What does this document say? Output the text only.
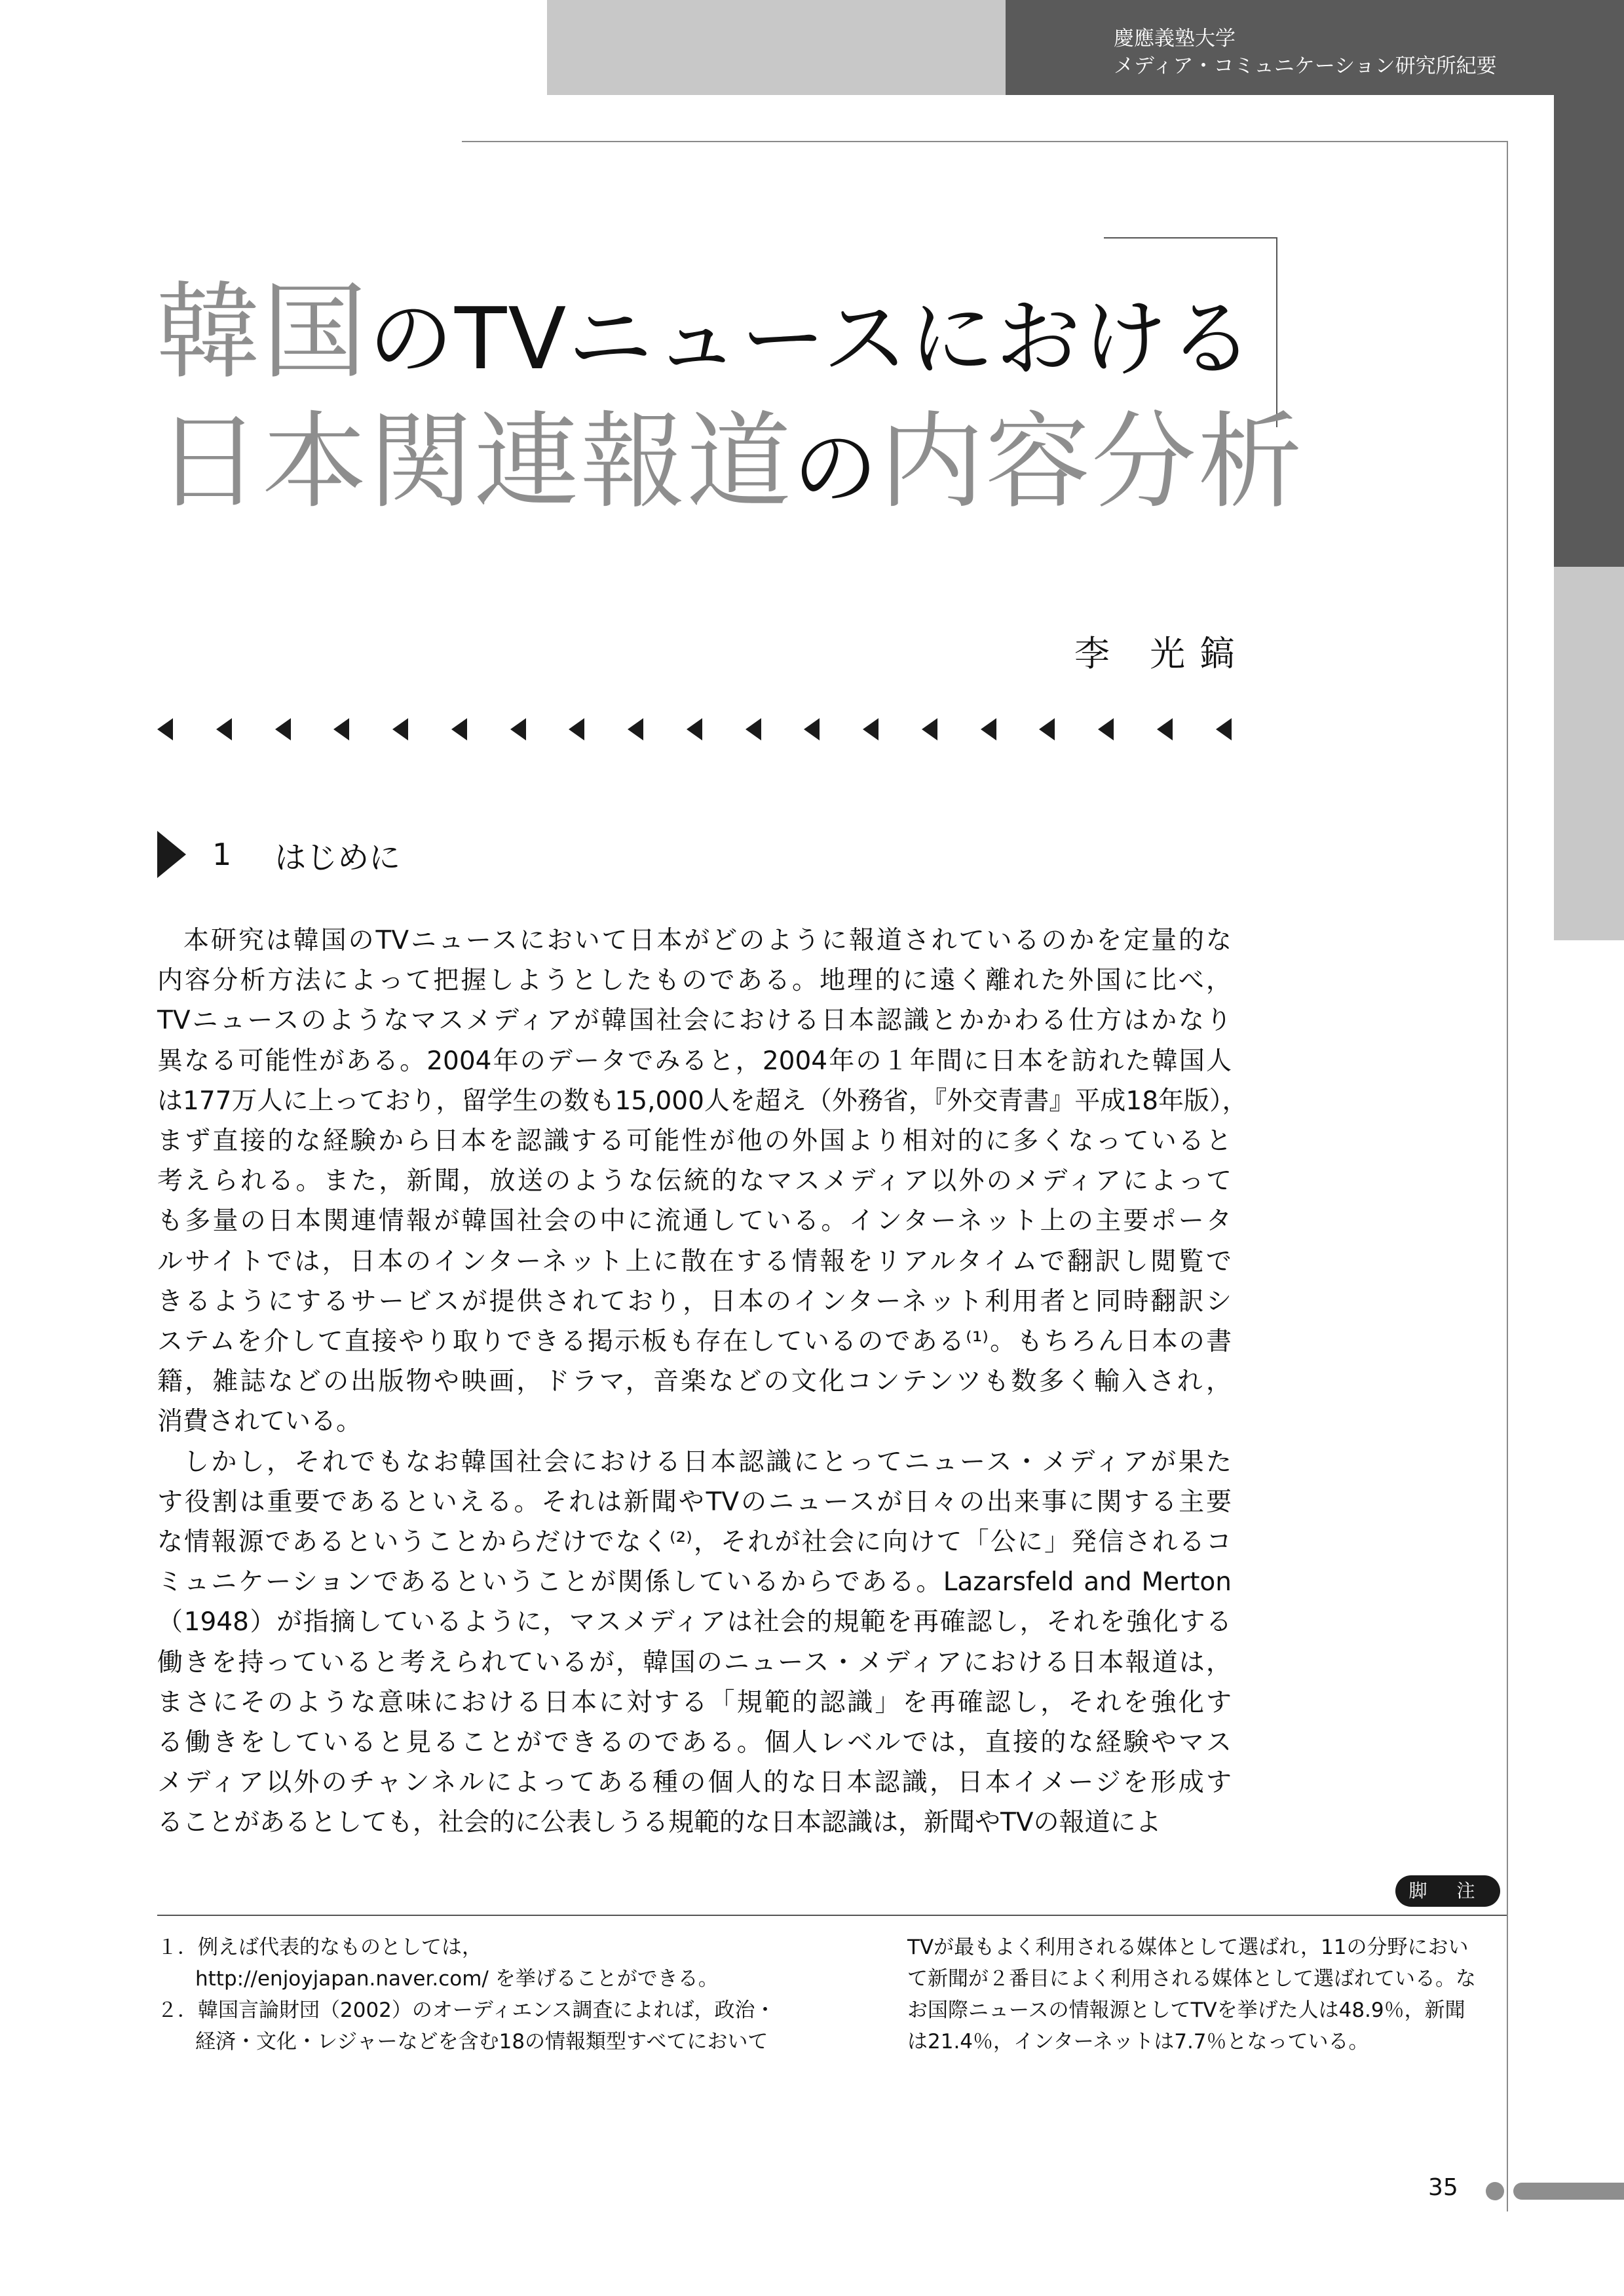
慶應義塾大学
メディア・コミュニケーション研究所紀要
韓国のTVニュースにおける
日本関連報道の内容分析
李 光鎬
1 はじめに
本研究は韓国のTVニュースにおいて日本がどのように報道されているのかを定量的な
内容分析方法によって把握しようとしたものである。地理的に遠く離れた外国に比べ，
TVニュースのようなマスメディアが韓国社会における日本認識とかかわる仕方はかなり
異なる可能性がある。2004年のデータでみると，2004年の１年間に日本を訪れた韓国人
は177万人に上っており，留学生の数も15,000人を超え（外務省，『外交青書』平成18年版），
まず直接的な経験から日本を認識する可能性が他の外国より相対的に多くなっていると
考えられる。また，新聞，放送のような伝統的なマスメディア以外のメディアによって
も多量の日本関連情報が韓国社会の中に流通している。インターネット上の主要ポータ
ルサイトでは，日本のインターネット上に散在する情報をリアルタイムで翻訳し閲覧で
きるようにするサービスが提供されており，日本のインターネット利用者と同時翻訳シ
ステムを介して直接やり取りできる掲示板も存在しているのである⁽¹⁾。もちろん日本の書
籍，雑誌などの出版物や映画，ドラマ，音楽などの文化コンテンツも数多く輸入され，
消費されている。
しかし，それでもなお韓国社会における日本認識にとってニュース・メディアが果た
す役割は重要であるといえる。それは新聞やTVのニュースが日々の出来事に関する主要
な情報源であるということからだけでなく⁽²⁾，それが社会に向けて「公に」発信されるコ
ミュニケーションであるということが関係しているからである。Lazarsfeld and Merton
（1948）が指摘しているように，マスメディアは社会的規範を再確認し，それを強化する
働きを持っていると考えられているが，韓国のニュース・メディアにおける日本報道は，
まさにそのような意味における日本に対する「規範的認識」を再確認し，それを強化す
る働きをしていると見ることができるのである。個人レベルでは，直接的な経験やマス
メディア以外のチャンネルによってある種の個人的な日本認識，日本イメージを形成す
ることがあるとしても，社会的に公表しうる規範的な日本認識は，新聞やTVの報道によ
脚 注
１．例えば代表的なものとしては，
http://enjoyjapan.naver.com/ を挙げることができる。
２．韓国言論財団（2002）のオーディエンス調査によれば，政治・
経済・文化・レジャーなどを含む18の情報類型すべてにおいて
TVが最もよく利用される媒体として選ばれ，11の分野におい
て新聞が２番目によく利用される媒体として選ばれている。な
お国際ニュースの情報源としてTVを挙げた人は48.9％，新聞
は21.4％，インターネットは7.7％となっている。
35
